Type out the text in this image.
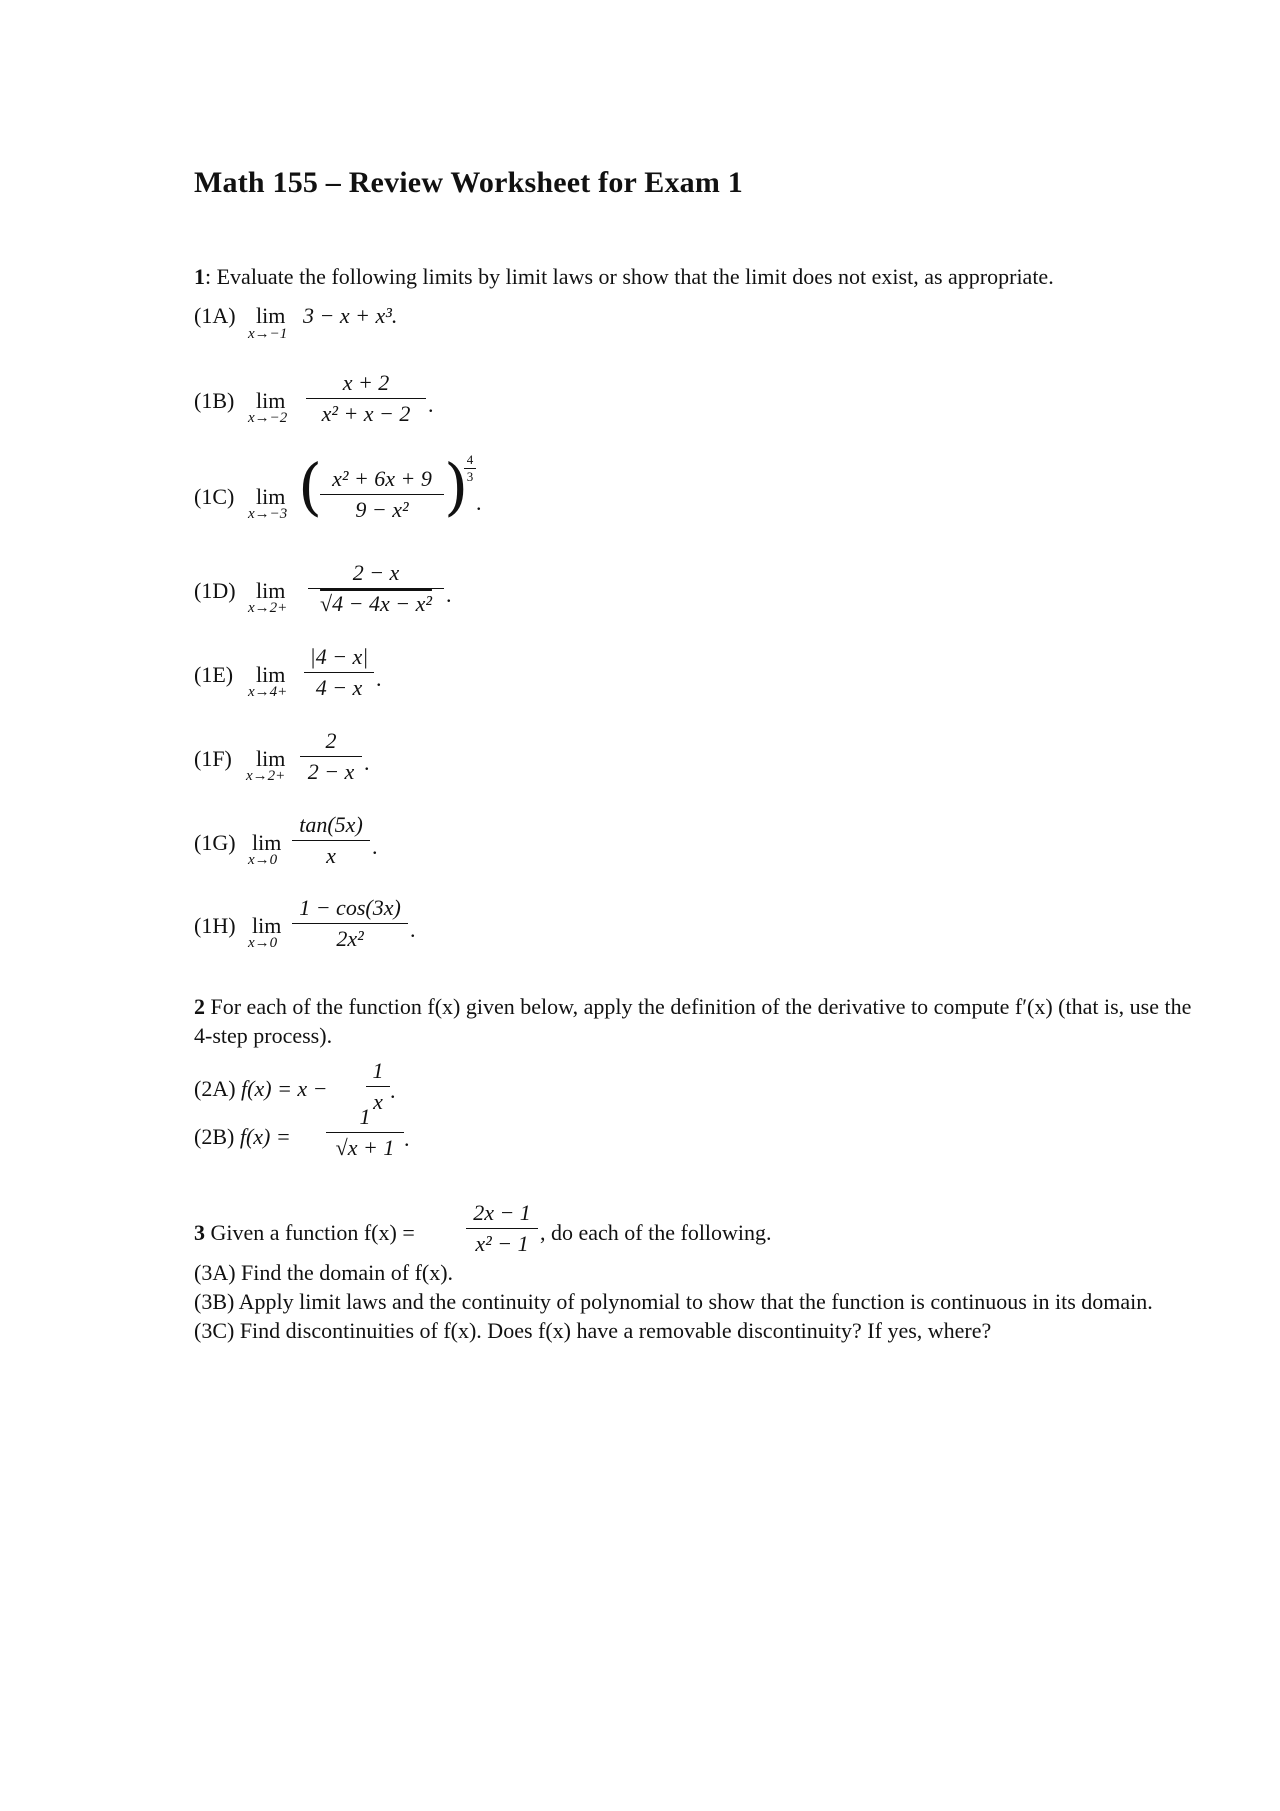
Math 155 – Review Worksheet for Exam 1
1: Evaluate the following limits by limit laws or show that the limit does not exist, as appropriate.
(1A) lim
x→−1
3 − x + x³.
(1B) lim
x→−2
x + 2
x² + x − 2 .
(1C) lim
x→−3 ( x² + 6x + 9
9 − x² )
$\frac{4}{3}$
.
(1D) lim
$x\to 2+ \frac{2 - x}{\text{√4 − 4x − x²}}$ .
(1E) lim
x→4+
|4 − x|
4 − x .
(1F) lim
x→2+
2
2 − x .
(1G) lim
x→0
tan(5x)
x	.
(1H) lim
x→0
1 − cos(3x)
2x²	.
2 For each of the function f(x) given below, apply the definition of the derivative to compute f′(x) (that is, use the 4-step process).
(2A) f(x) = x −
1
x .
(2B) f(x) =
1
√x + 1 .
3 Given a function f(x) =
2x − 1
x² − 1 , do each of the following.
(3A) Find the domain of f(x).
(3B) Apply limit laws and the continuity of polynomial to show that the function is continuous in its domain.
(3C) Find discontinuities of f(x). Does f(x) have a removable discontinuity? If yes, where?
